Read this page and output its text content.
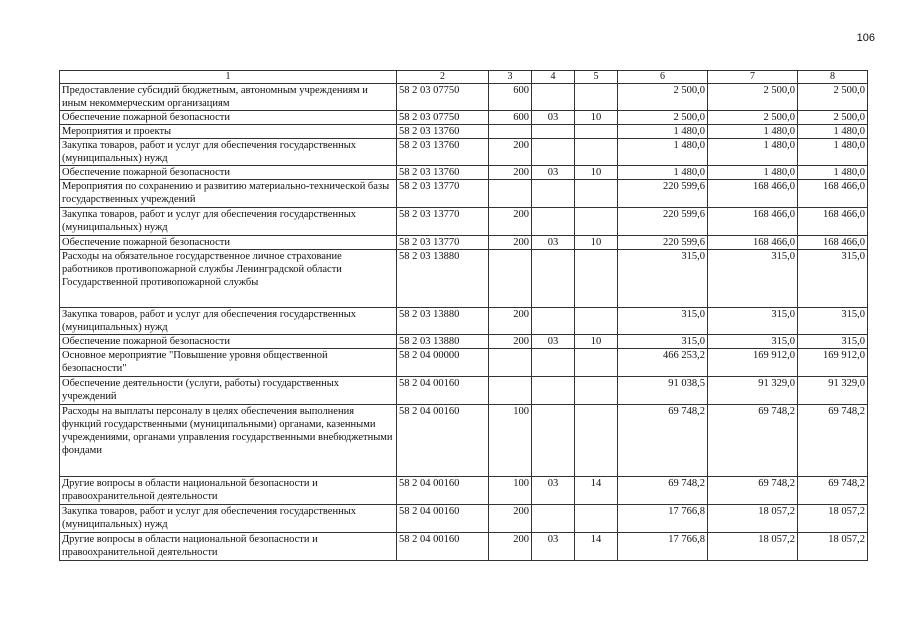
106
1	2	3	4	5	6	7	8
Предоставление субсидий бюджетным, автономным учреждениям и иным некоммерческим организациям	58 2 03 07750	600			2 500,0	2 500,0	2 500,0
Обеспечение пожарной безопасности	58 2 03 07750	600	03	10	2 500,0	2 500,0	2 500,0
Мероприятия и проекты	58 2 03 13760				1 480,0	1 480,0	1 480,0
Закупка товаров, работ и услуг для обеспечения государственных (муниципальных) нужд	58 2 03 13760	200			1 480,0	1 480,0	1 480,0
Обеспечение пожарной безопасности	58 2 03 13760	200	03	10	1 480,0	1 480,0	1 480,0
Мероприятия по сохранению и развитию материально-технической базы государственных учреждений	58 2 03 13770				220 599,6	168 466,0	168 466,0
Закупка товаров, работ и услуг для обеспечения государственных (муниципальных) нужд	58 2 03 13770	200			220 599,6	168 466,0	168 466,0
Обеспечение пожарной безопасности	58 2 03 13770	200	03	10	220 599,6	168 466,0	168 466,0
Расходы на обязательное государственное личное страхование работников противопожарной службы Ленинградской области Государственной противопожарной службы	58 2 03 13880				315,0	315,0	315,0
Закупка товаров, работ и услуг для обеспечения государственных (муниципальных) нужд	58 2 03 13880	200			315,0	315,0	315,0
Обеспечение пожарной безопасности	58 2 03 13880	200	03	10	315,0	315,0	315,0
Основное мероприятие "Повышение уровня общественной безопасности"	58 2 04 00000				466 253,2	169 912,0	169 912,0
Обеспечение деятельности (услуги, работы) государственных учреждений	58 2 04 00160				91 038,5	91 329,0	91 329,0
Расходы на выплаты персоналу в целях обеспечения выполнения функций государственными (муниципальными) органами, казенными учреждениями, органами управления государственными внебюджетными фондами	58 2 04 00160	100			69 748,2	69 748,2	69 748,2
Другие вопросы в области национальной безопасности и правоохранительной деятельности	58 2 04 00160	100	03	14	69 748,2	69 748,2	69 748,2
Закупка товаров, работ и услуг для обеспечения государственных (муниципальных) нужд	58 2 04 00160	200			17 766,8	18 057,2	18 057,2
Другие вопросы в области национальной безопасности и правоохранительной деятельности	58 2 04 00160	200	03	14	17 766,8	18 057,2	18 057,2
